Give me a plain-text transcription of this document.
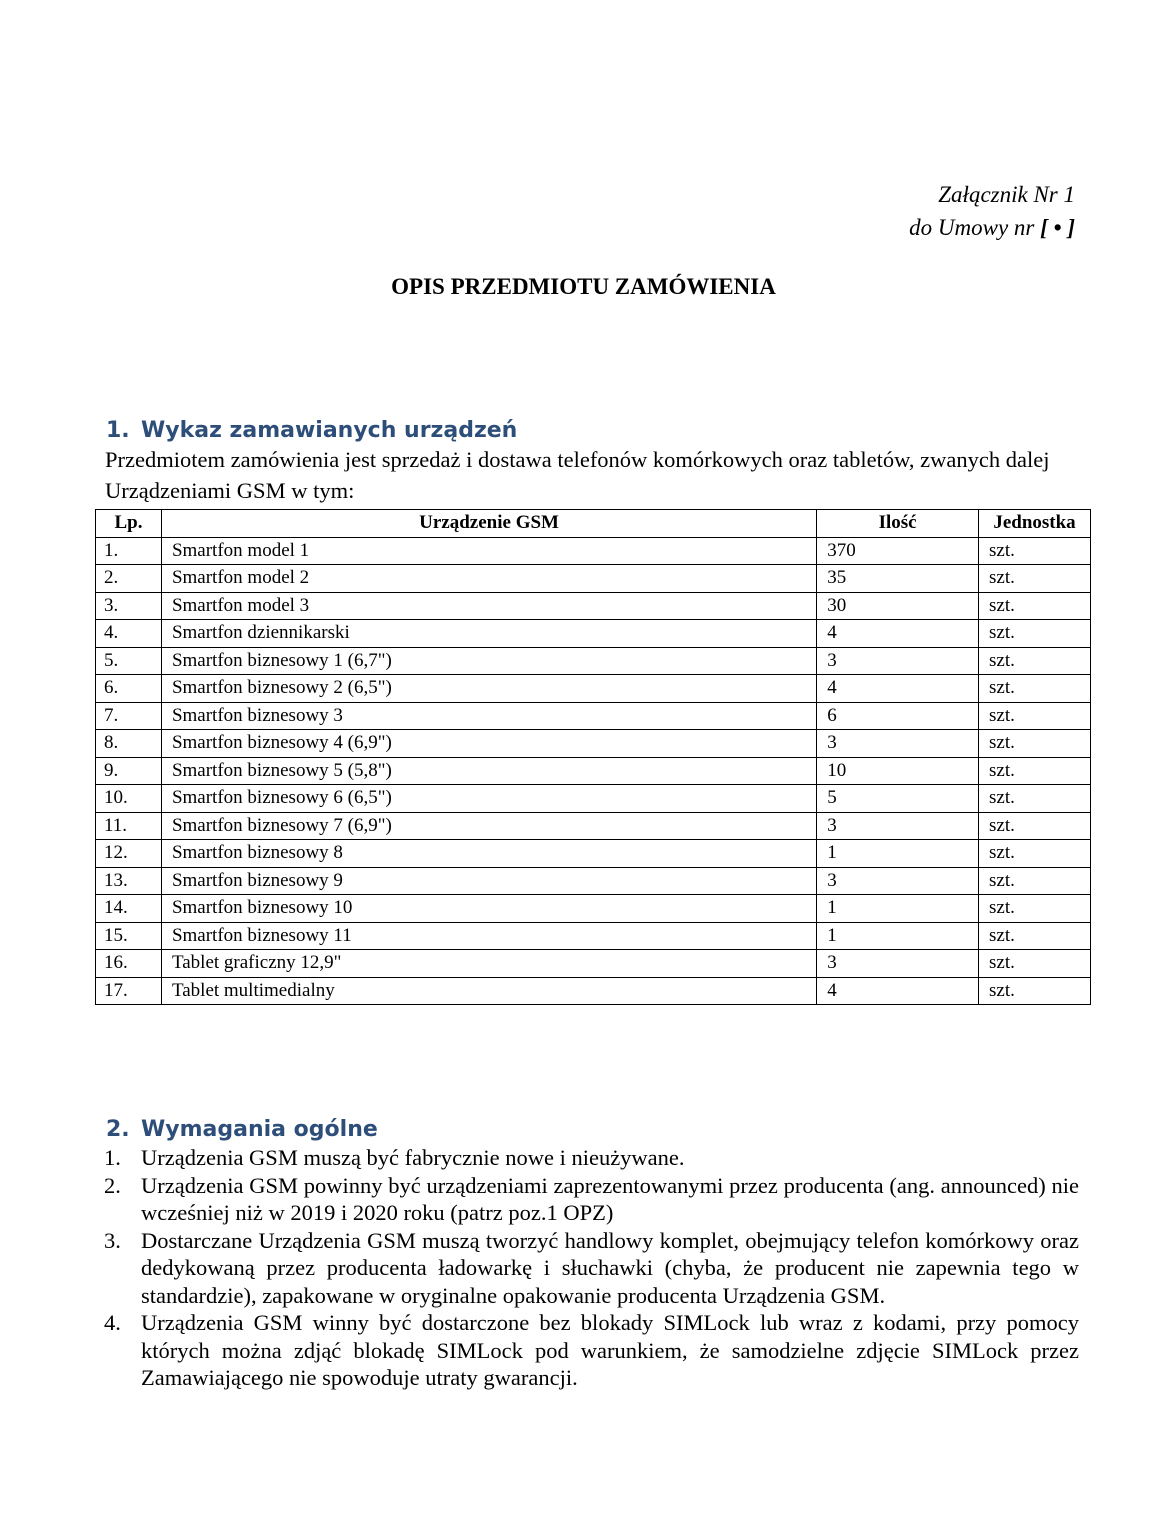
Załącznik Nr 1
do Umowy nr [ • ]
OPIS PRZEDMIOTU ZAMÓWIENIA
1. Wykaz zamawianych urządzeń
Przedmiotem zamówienia jest sprzedaż i dostawa telefonów komórkowych oraz tabletów, zwanych dalej Urządzeniami GSM w tym:
Lp.	Urządzenie GSM	Ilość	Jednostka
1.	Smartfon model 1	370	szt.
2.	Smartfon model 2	35	szt.
3.	Smartfon model 3	30	szt.
4.	Smartfon dziennikarski	4	szt.
5.	Smartfon biznesowy 1 (6,7")	3	szt.
6.	Smartfon biznesowy 2 (6,5")	4	szt.
7.	Smartfon biznesowy 3	6	szt.
8.	Smartfon biznesowy 4 (6,9")	3	szt.
9.	Smartfon biznesowy 5 (5,8")	10	szt.
10.	Smartfon biznesowy 6 (6,5")	5	szt.
11.	Smartfon biznesowy 7 (6,9")	3	szt.
12.	Smartfon biznesowy 8	1	szt.
13.	Smartfon biznesowy 9	3	szt.
14.	Smartfon biznesowy 10	1	szt.
15.	Smartfon biznesowy 11	1	szt.
16.	Tablet graficzny 12,9"	3	szt.
17.	Tablet multimedialny	4	szt.
2. Wymagania ogólne
1. Urządzenia GSM muszą być fabrycznie nowe i nieużywane.
2. Urządzenia GSM powinny być urządzeniami zaprezentowanymi przez producenta (ang. announced) nie wcześniej niż w 2019 i 2020 roku (patrz poz.1 OPZ)
3. Dostarczane Urządzenia GSM muszą tworzyć handlowy komplet, obejmujący telefon komórkowy oraz dedykowaną przez producenta ładowarkę i słuchawki (chyba, że producent nie zapewnia tego w standardzie), zapakowane w oryginalne opakowanie producenta Urządzenia GSM.
4. Urządzenia GSM winny być dostarczone bez blokady SIMLock lub wraz z kodami, przy pomocy których można zdjąć blokadę SIMLock pod warunkiem, że samodzielne zdjęcie SIMLock przez Zamawiającego nie spowoduje utraty gwarancji.
